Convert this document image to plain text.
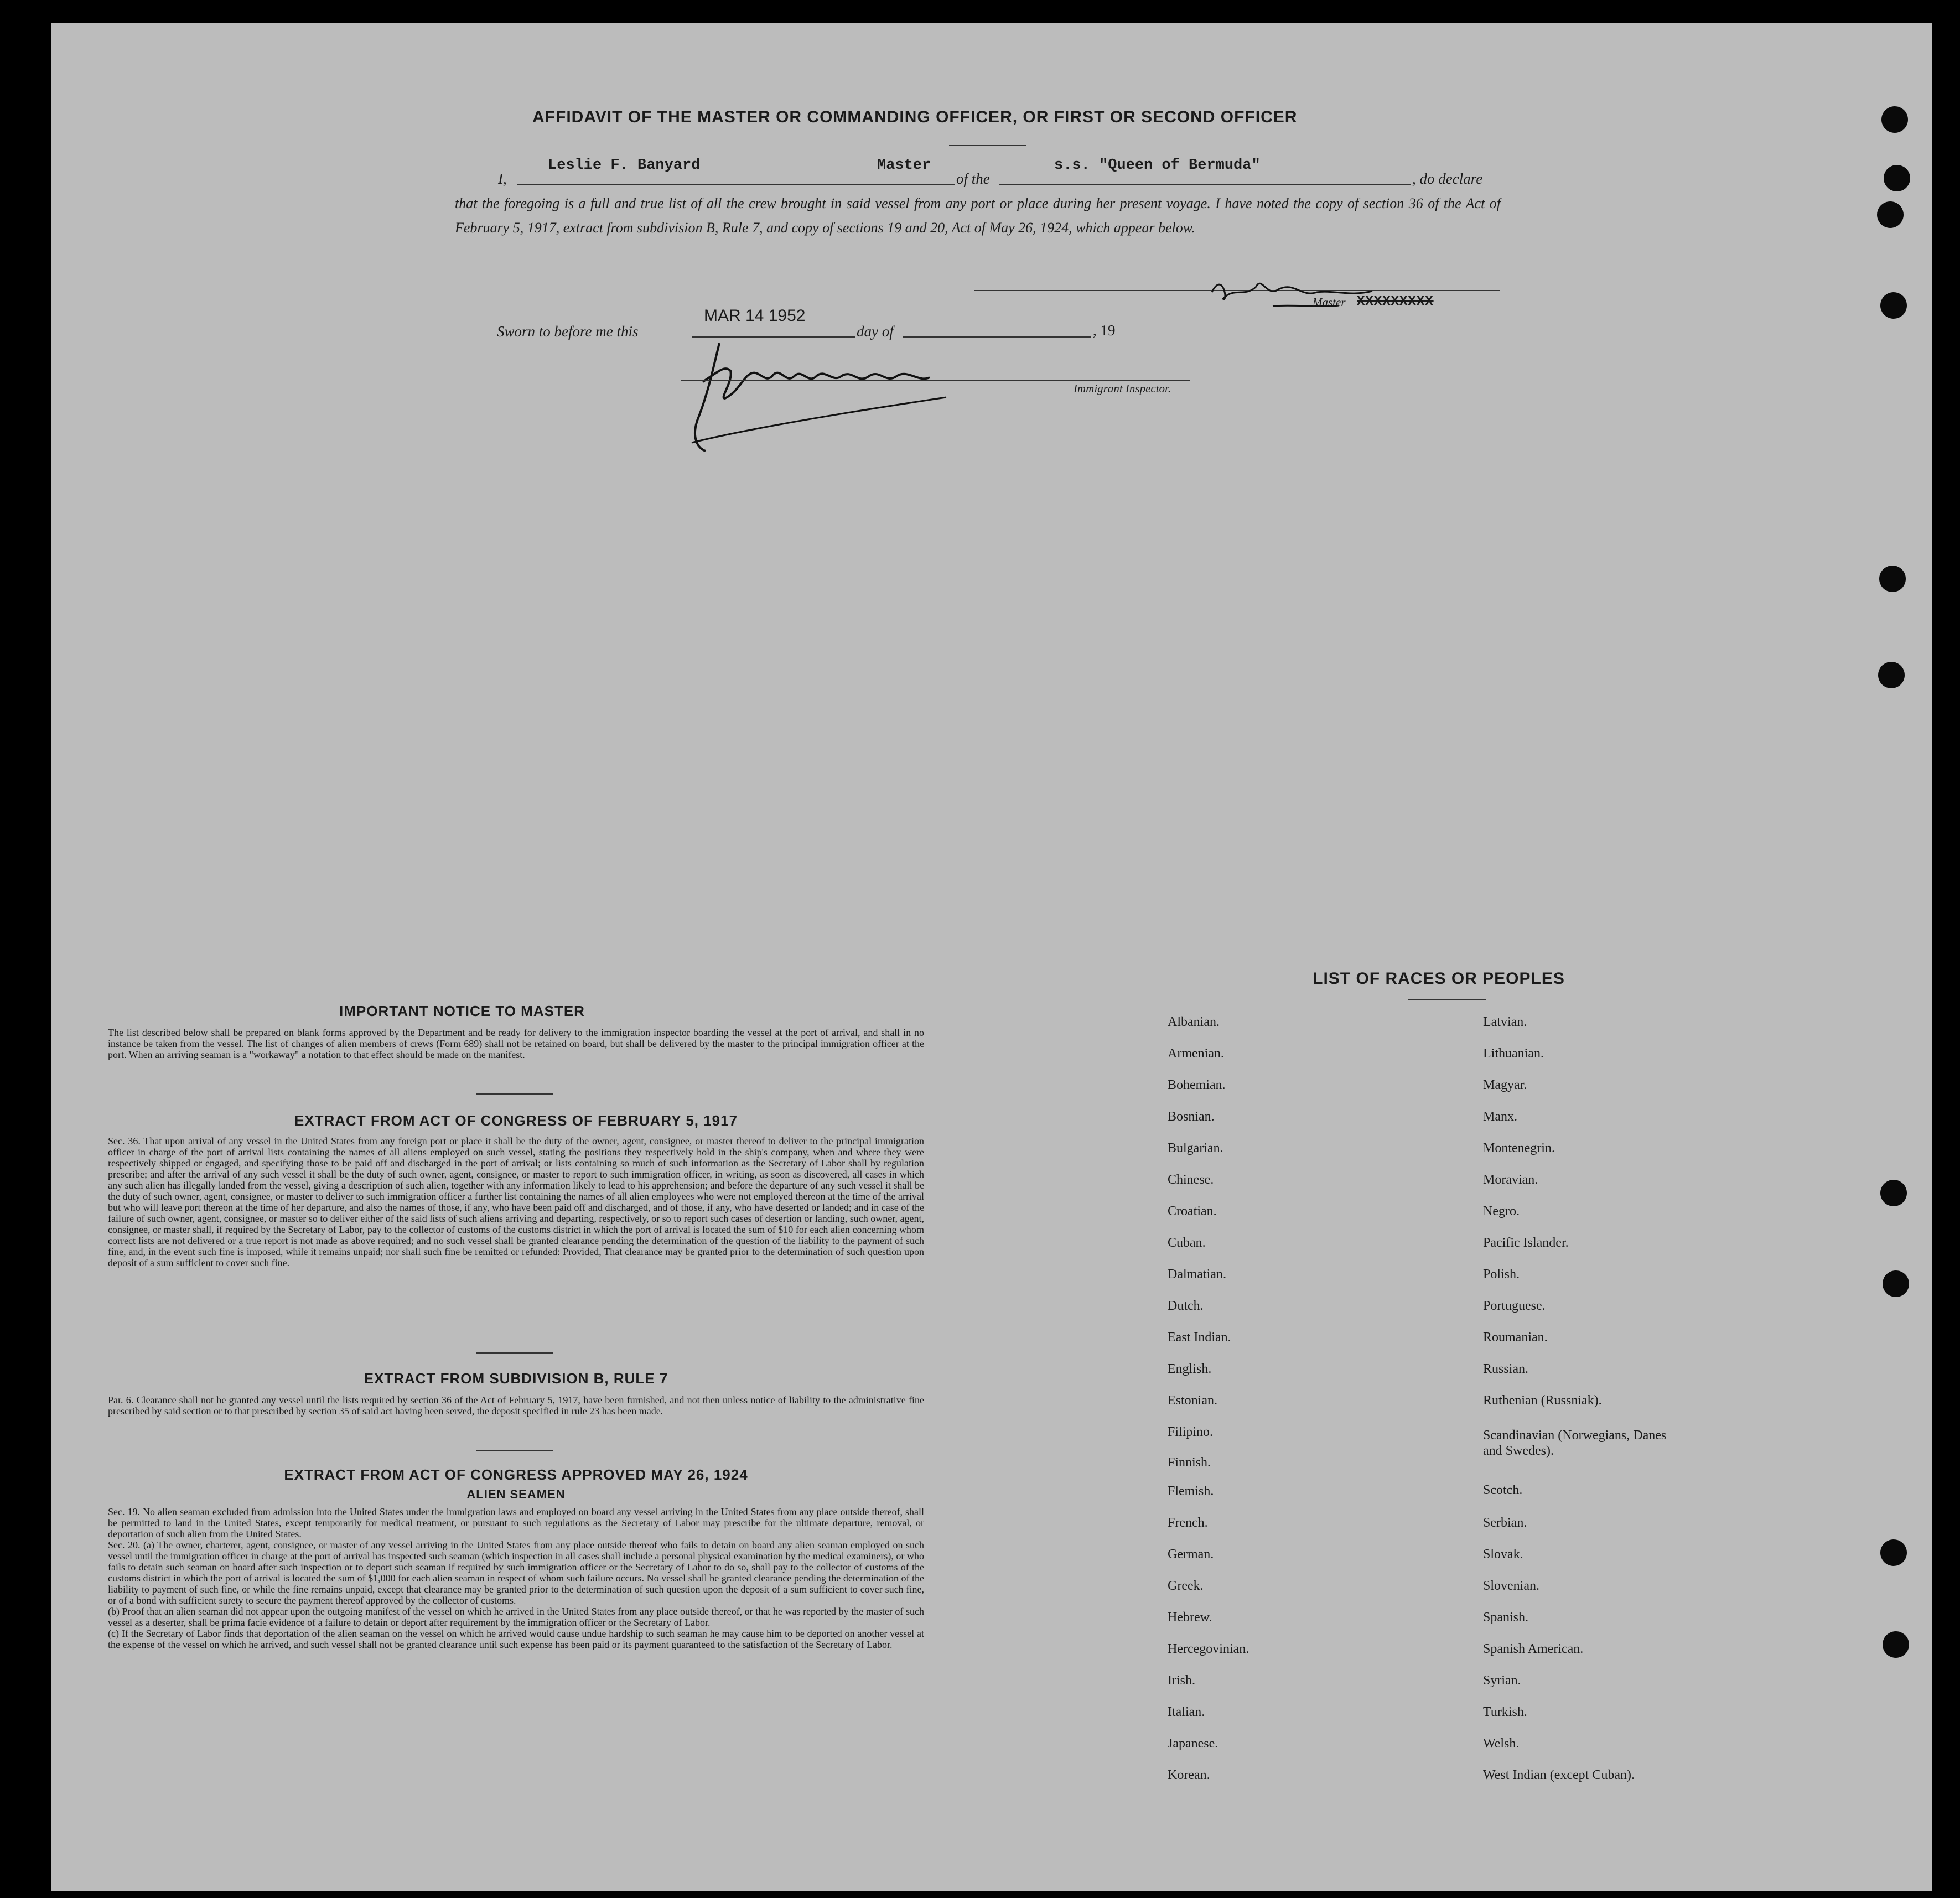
AFFIDAVIT OF THE MASTER OR COMMANDING OFFICER, OR FIRST OR SECOND OFFICER
I,
Leslie F. Banyard	Master
of the
s.s. "Queen of Bermuda"
, do declare
that the foregoing is a full and true list of all the crew brought in said vessel from any port or place during her present voyage. I have noted the copy of section 36 of the Act of February 5, 1917, extract from subdivision B, Rule 7, and copy of sections 19 and 20, Act of May 26, 1924, which appear below.
Master XXXXXXXXX
Sworn to before me this
MAR 14 1952
day of	, 19
Immigrant Inspector.
IMPORTANT NOTICE TO MASTER
The list described below shall be prepared on blank forms approved by the Department and be ready for delivery to the immigration inspector boarding the vessel at the port of arrival, and shall in no instance be taken from the vessel. The list of changes of alien members of crews (Form 689) shall not be retained on board, but shall be delivered by the master to the principal immigration officer at the port. When an arriving seaman is a "workaway" a notation to that effect should be made on the manifest.
EXTRACT FROM ACT OF CONGRESS OF FEBRUARY 5, 1917
Sec. 36. That upon arrival of any vessel in the United States from any foreign port or place it shall be the duty of the owner, agent, consignee, or master thereof to deliver to the principal immigration officer in charge of the port of arrival lists containing the names of all aliens employed on such vessel, stating the positions they respectively hold in the ship's company, when and where they were respectively shipped or engaged, and specifying those to be paid off and discharged in the port of arrival; or lists containing so much of such information as the Secretary of Labor shall by regulation prescribe; and after the arrival of any such vessel it shall be the duty of such owner, agent, consignee, or master to report to such immigration officer, in writing, as soon as discovered, all cases in which any such alien has illegally landed from the vessel, giving a description of such alien, together with any information likely to lead to his apprehension; and before the departure of any such vessel it shall be the duty of such owner, agent, consignee, or master to deliver to such immigration officer a further list containing the names of all alien employees who were not employed thereon at the time of the arrival but who will leave port thereon at the time of her departure, and also the names of those, if any, who have been paid off and discharged, and of those, if any, who have deserted or landed; and in case of the failure of such owner, agent, consignee, or master so to deliver either of the said lists of such aliens arriving and departing, respectively, or so to report such cases of desertion or landing, such owner, agent, consignee, or master shall, if required by the Secretary of Labor, pay to the collector of customs of the customs district in which the port of arrival is located the sum of $10 for each alien concerning whom correct lists are not delivered or a true report is not made as above required; and no such vessel shall be granted clearance pending the determination of the question of the liability to the payment of such fine, and, in the event such fine is imposed, while it remains unpaid; nor shall such fine be remitted or refunded: Provided, That clearance may be granted prior to the determination of such question upon deposit of a sum sufficient to cover such fine.
EXTRACT FROM SUBDIVISION B, RULE 7
Par. 6. Clearance shall not be granted any vessel until the lists required by section 36 of the Act of February 5, 1917, have been furnished, and not then unless notice of liability to the administrative fine prescribed by said section or to that prescribed by section 35 of said act having been served, the deposit specified in rule 23 has been made.
EXTRACT FROM ACT OF CONGRESS APPROVED MAY 26, 1924
ALIEN SEAMEN
Sec. 19. No alien seaman excluded from admission into the United States under the immigration laws and employed on board any vessel arriving in the United States from any place outside thereof, shall be permitted to land in the United States, except temporarily for medical treatment, or pursuant to such regulations as the Secretary of Labor may prescribe for the ultimate departure, removal, or deportation of such alien from the United States.
Sec. 20. (a) The owner, charterer, agent, consignee, or master of any vessel arriving in the United States from any place outside thereof who fails to detain on board any alien seaman employed on such vessel until the immigration officer in charge at the port of arrival has inspected such seaman (which inspection in all cases shall include a personal physical examination by the medical examiners), or who fails to detain such seaman on board after such inspection or to deport such seaman if required by such immigration officer or the Secretary of Labor to do so, shall pay to the collector of customs of the customs district in which the port of arrival is located the sum of $1,000 for each alien seaman in respect of whom such failure occurs. No vessel shall be granted clearance pending the determination of the liability to payment of such fine, or while the fine remains unpaid, except that clearance may be granted prior to the determination of such question upon the deposit of a sum sufficient to cover such fine, or of a bond with sufficient surety to secure the payment thereof approved by the collector of customs.
(b) Proof that an alien seaman did not appear upon the outgoing manifest of the vessel on which he arrived in the United States from any place outside thereof, or that he was reported by the master of such vessel as a deserter, shall be prima facie evidence of a failure to detain or deport after requirement by the immigration officer or the Secretary of Labor.
(c) If the Secretary of Labor finds that deportation of the alien seaman on the vessel on which he arrived would cause undue hardship to such seaman he may cause him to be deported on another vessel at the expense of the vessel on which he arrived, and such vessel shall not be granted clearance until such expense has been paid or its payment guaranteed to the satisfaction of the Secretary of Labor.
LIST OF RACES OR PEOPLES
Albanian.
Armenian.
Bohemian.
Bosnian.
Bulgarian.
Chinese.
Croatian.
Cuban.
Dalmatian.
Dutch.
East Indian.
English.
Estonian.
Filipino.
Finnish.
Flemish.
French.
German.
Greek.
Hebrew.
Hercegovinian.
Irish.
Italian.
Japanese.
Korean.
Latvian.
Lithuanian.
Magyar.
Manx.
Montenegrin.
Moravian.
Negro.
Pacific Islander.
Polish.
Portuguese.
Roumanian.
Russian.
Ruthenian (Russniak).
Scandinavian (Norwegians, Danes and Swedes).
Scotch.
Serbian.
Slovak.
Slovenian.
Spanish.
Spanish American.
Syrian.
Turkish.
Welsh.
West Indian (except Cuban).
